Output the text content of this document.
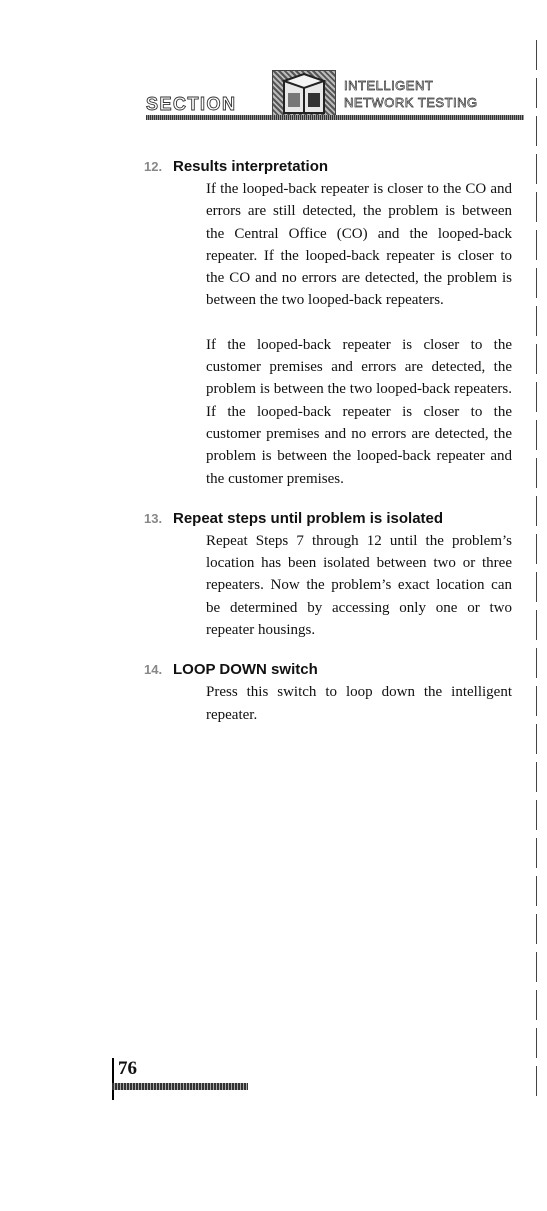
SECTION
INTELLIGENT
NETWORK TESTING
12. Results interpretation

If the looped-back repeater is closer to the CO and errors are still detected, the problem is between the Central Office (CO) and the looped-back repeater. If the looped-back repeater is closer to the CO and no errors are detected, the problem is between the two looped-back repeaters.

If the looped-back repeater is closer to the customer premises and errors are detected, the problem is between the two looped-back repeaters. If the looped-back repeater is closer to the customer premises and no errors are detected, the problem is between the looped-back repeater and the customer premises.

13. Repeat steps until problem is isolated

Repeat Steps 7 through 12 until the problem’s location has been isolated between two or three repeaters. Now the problem’s exact location can be determined by accessing only one or two repeater housings.

14. LOOP DOWN switch

Press this switch to loop down the intelligent repeater.

76
